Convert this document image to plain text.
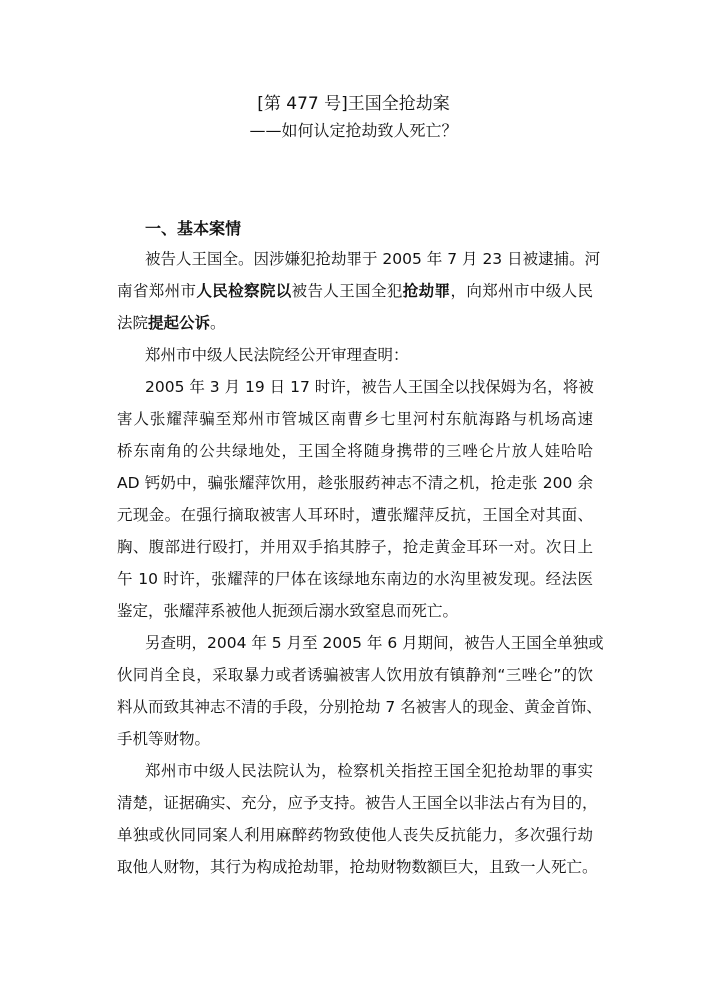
[第 477 号]王国全抢劫案
——如何认定抢劫致人死亡？
一、基本案情
被告人王国全。因涉嫌犯抢劫罪于 2005 年 7 月 23 日被逮捕。河
南省郑州市人民检察院以被告人王国全犯抢劫罪，向郑州市中级人民
法院提起公诉。
郑州市中级人民法院经公开审理查明：
2005 年 3 月 19 日 17 时许，被告人王国全以找保姆为名，将被
害人张耀萍骗至郑州市管城区南曹乡七里河村东航海路与机场高速
桥东南角的公共绿地处，王国全将随身携带的三唑仑片放人娃哈哈
AD 钙奶中，骗张耀萍饮用，趁张服药神志不清之机，抢走张 200 余
元现金。在强行摘取被害人耳环时，遭张耀萍反抗，王国全对其面、
胸、腹部进行殴打，并用双手掐其脖子，抢走黄金耳环一对。次日上
午 10 时许，张耀萍的尸体在该绿地东南边的水沟里被发现。经法医
鉴定，张耀萍系被他人扼颈后溺水致窒息而死亡。
另查明，2004 年 5 月至 2005 年 6 月期间，被告人王国全单独或
伙同肖全良，采取暴力或者诱骗被害人饮用放有镇静剂“三唑仑”的饮
料从而致其神志不清的手段，分别抢劫 7 名被害人的现金、黄金首饰、
手机等财物。
郑州市中级人民法院认为，检察机关指控王国全犯抢劫罪的事实
清楚，证据确实、充分，应予支持。被告人王国全以非法占有为目的，
单独或伙同同案人利用麻醉药物致使他人丧失反抗能力，多次强行劫
取他人财物，其行为构成抢劫罪，抢劫财物数额巨大，且致一人死亡。
